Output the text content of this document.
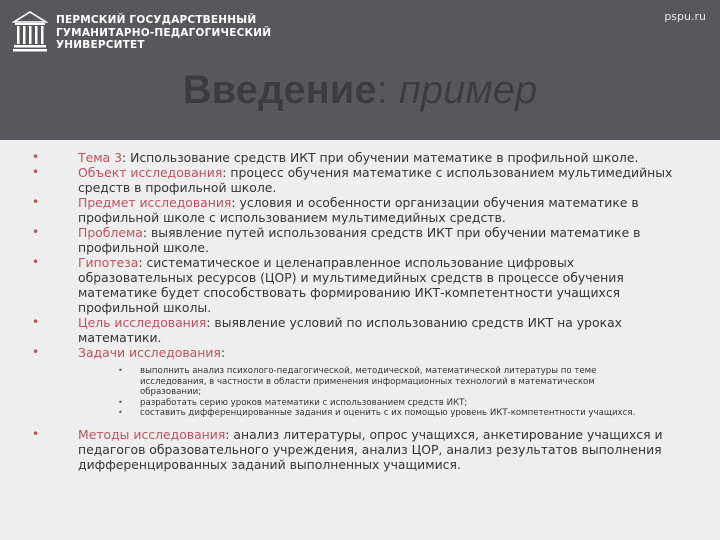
ПЕРМСКИЙ ГОСУДАРСТВЕННЫЙ
ГУМАНИТАРНО-ПЕДАГОГИЧЕСКИЙ
УНИВЕРСИТЕТ
pspu.ru
Введение: пример
•	Тема 3: Использование средств ИКТ при обучении математике в профильной школе.
•	Объект исследования: процесс обучения математике с использованием мультимедийных средств в профильной школе.
•	Предмет исследования: условия и особенности организации обучения математике в профильной школе с использованием мультимедийных средств.
•	Проблема: выявление путей использования средств ИКТ при обучении математике в профильной школе.
•	Гипотеза: систематическое и целенаправленное использование цифровых образовательных ресурсов (ЦОР) и мультимедийных средств в процессе обучения математике будет способствовать формированию ИКТ-компетентности учащихся профильной школы.
•	Цель исследования: выявление условий по использованию средств ИКТ на уроках математики.
•	Задачи исследования:
• выполнить анализ психолого-педагогической, методической, математической литературы по теме исследования, в частности в области применения информационных технологий в математическом образовании;
• разработать серию уроков математики с использованием средств ИКТ;
• составить дифференцированные задания и оценить с их помощью уровень ИКТ-компетентности учащихся.
•	Методы исследования: анализ литературы, опрос учащихся, анкетирование учащихся и педагогов образовательного учреждения, анализ ЦОР, анализ результатов выполнения дифференцированных заданий выполненных учащимися.
